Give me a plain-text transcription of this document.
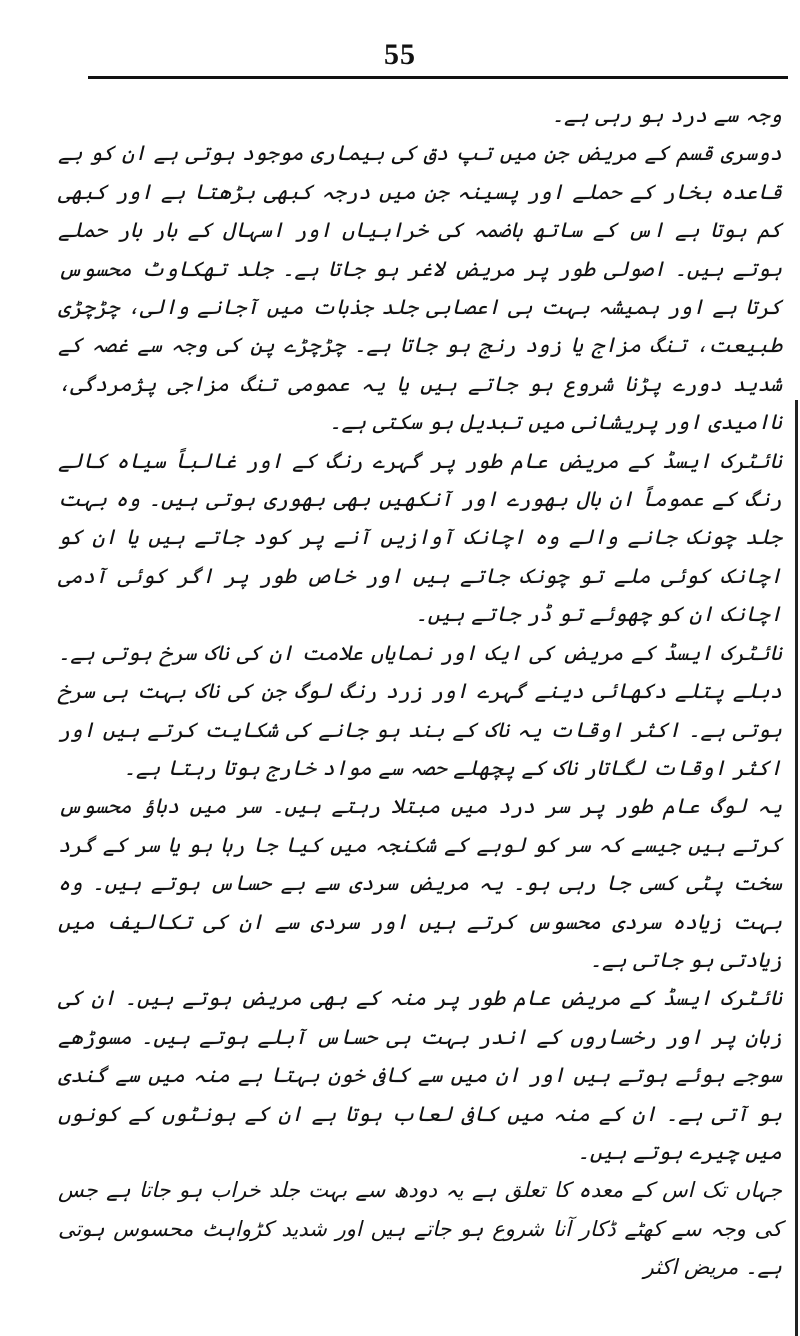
55

وجہ سے درد ہو رہی ہے۔

دوسری قسم کے مریض جن میں تپ دق کی بیماری موجود ہوتی ہے ان کو بے قاعدہ بخار کے حملے اور پسینہ جن میں درجہ کبھی بڑھتا ہے اور کبھی کم ہوتا ہے اس کے ساتھ ہاضمہ کی خرابیاں اور اسہال کے بار بار حملے ہوتے ہیں۔ اصولی طور پر مریض لاغر ہو جاتا ہے۔ جلد تھکاوٹ محسوس کرتا ہے اور ہمیشہ بہت ہی اعصابی جلد جذبات میں آجانے والی، چڑچڑی طبیعت، تنگ مزاج یا زود رنج ہو جاتا ہے۔ چڑچڑے پن کی وجہ سے غصہ کے شدید دورے پڑنا شروع ہو جاتے ہیں یا یہ عمومی تنگ مزاجی پژمردگی، ناامیدی اور پریشانی میں تبدیل ہو سکتی ہے۔

نائٹرک ایسڈ کے مریض عام طور پر گہرے رنگ کے اور غالباً سیاہ کالے رنگ کے عموماً ان بال بھورے اور آنکھیں بھی بھوری ہوتی ہیں۔ وہ بہت جلد چونک جانے والے وہ اچانک آوازیں آنے پر کود جاتے ہیں یا ان کو اچانک کوئی ملے تو چونک جاتے ہیں اور خاص طور پر اگر کوئی آدمی اچانک ان کو چھوئے تو ڈر جاتے ہیں۔

نائٹرک ایسڈ کے مریض کی ایک اور نمایاں علامت ان کی ناک سرخ ہوتی ہے۔ دبلے پتلے دکھائی دینے گہرے اور زرد رنگ لوگ جن کی ناک بہت ہی سرخ ہوتی ہے۔ اکثر اوقات یہ ناک کے بند ہو جانے کی شکایت کرتے ہیں اور اکثر اوقات لگاتار ناک کے پچھلے حصہ سے مواد خارج ہوتا رہتا ہے۔

یہ لوگ عام طور پر سر درد میں مبتلا رہتے ہیں۔ سر میں دباؤ محسوس کرتے ہیں جیسے کہ سر کو لوہے کے شکنجہ میں کیا جا رہا ہو یا سر کے گرد سخت پٹی کسی جا رہی ہو۔ یہ مریض سردی سے بے حساس ہوتے ہیں۔ وہ بہت زیادہ سردی محسوس کرتے ہیں اور سردی سے ان کی تکالیف میں زیادتی ہو جاتی ہے۔

نائٹرک ایسڈ کے مریض عام طور پر منہ کے بھی مریض ہوتے ہیں۔ ان کی زبان پر اور رخساروں کے اندر بہت ہی حساس آبلے ہوتے ہیں۔ مسوڑھے سوجے ہوئے ہوتے ہیں اور ان میں سے کافی خون بہتا ہے منہ میں سے گندی بو آتی ہے۔ ان کے منہ میں کافی لعاب ہوتا ہے ان کے ہونٹوں کے کونوں میں چیرے ہوتے ہیں۔

جہاں تک اس کے معدہ کا تعلق ہے یہ دودھ سے بہت جلد خراب ہو جاتا ہے جس کی وجہ سے کھٹے ڈکار آنا شروع ہو جاتے ہیں اور شدید کڑواہٹ محسوس ہوتی ہے۔ مریض اکثر
